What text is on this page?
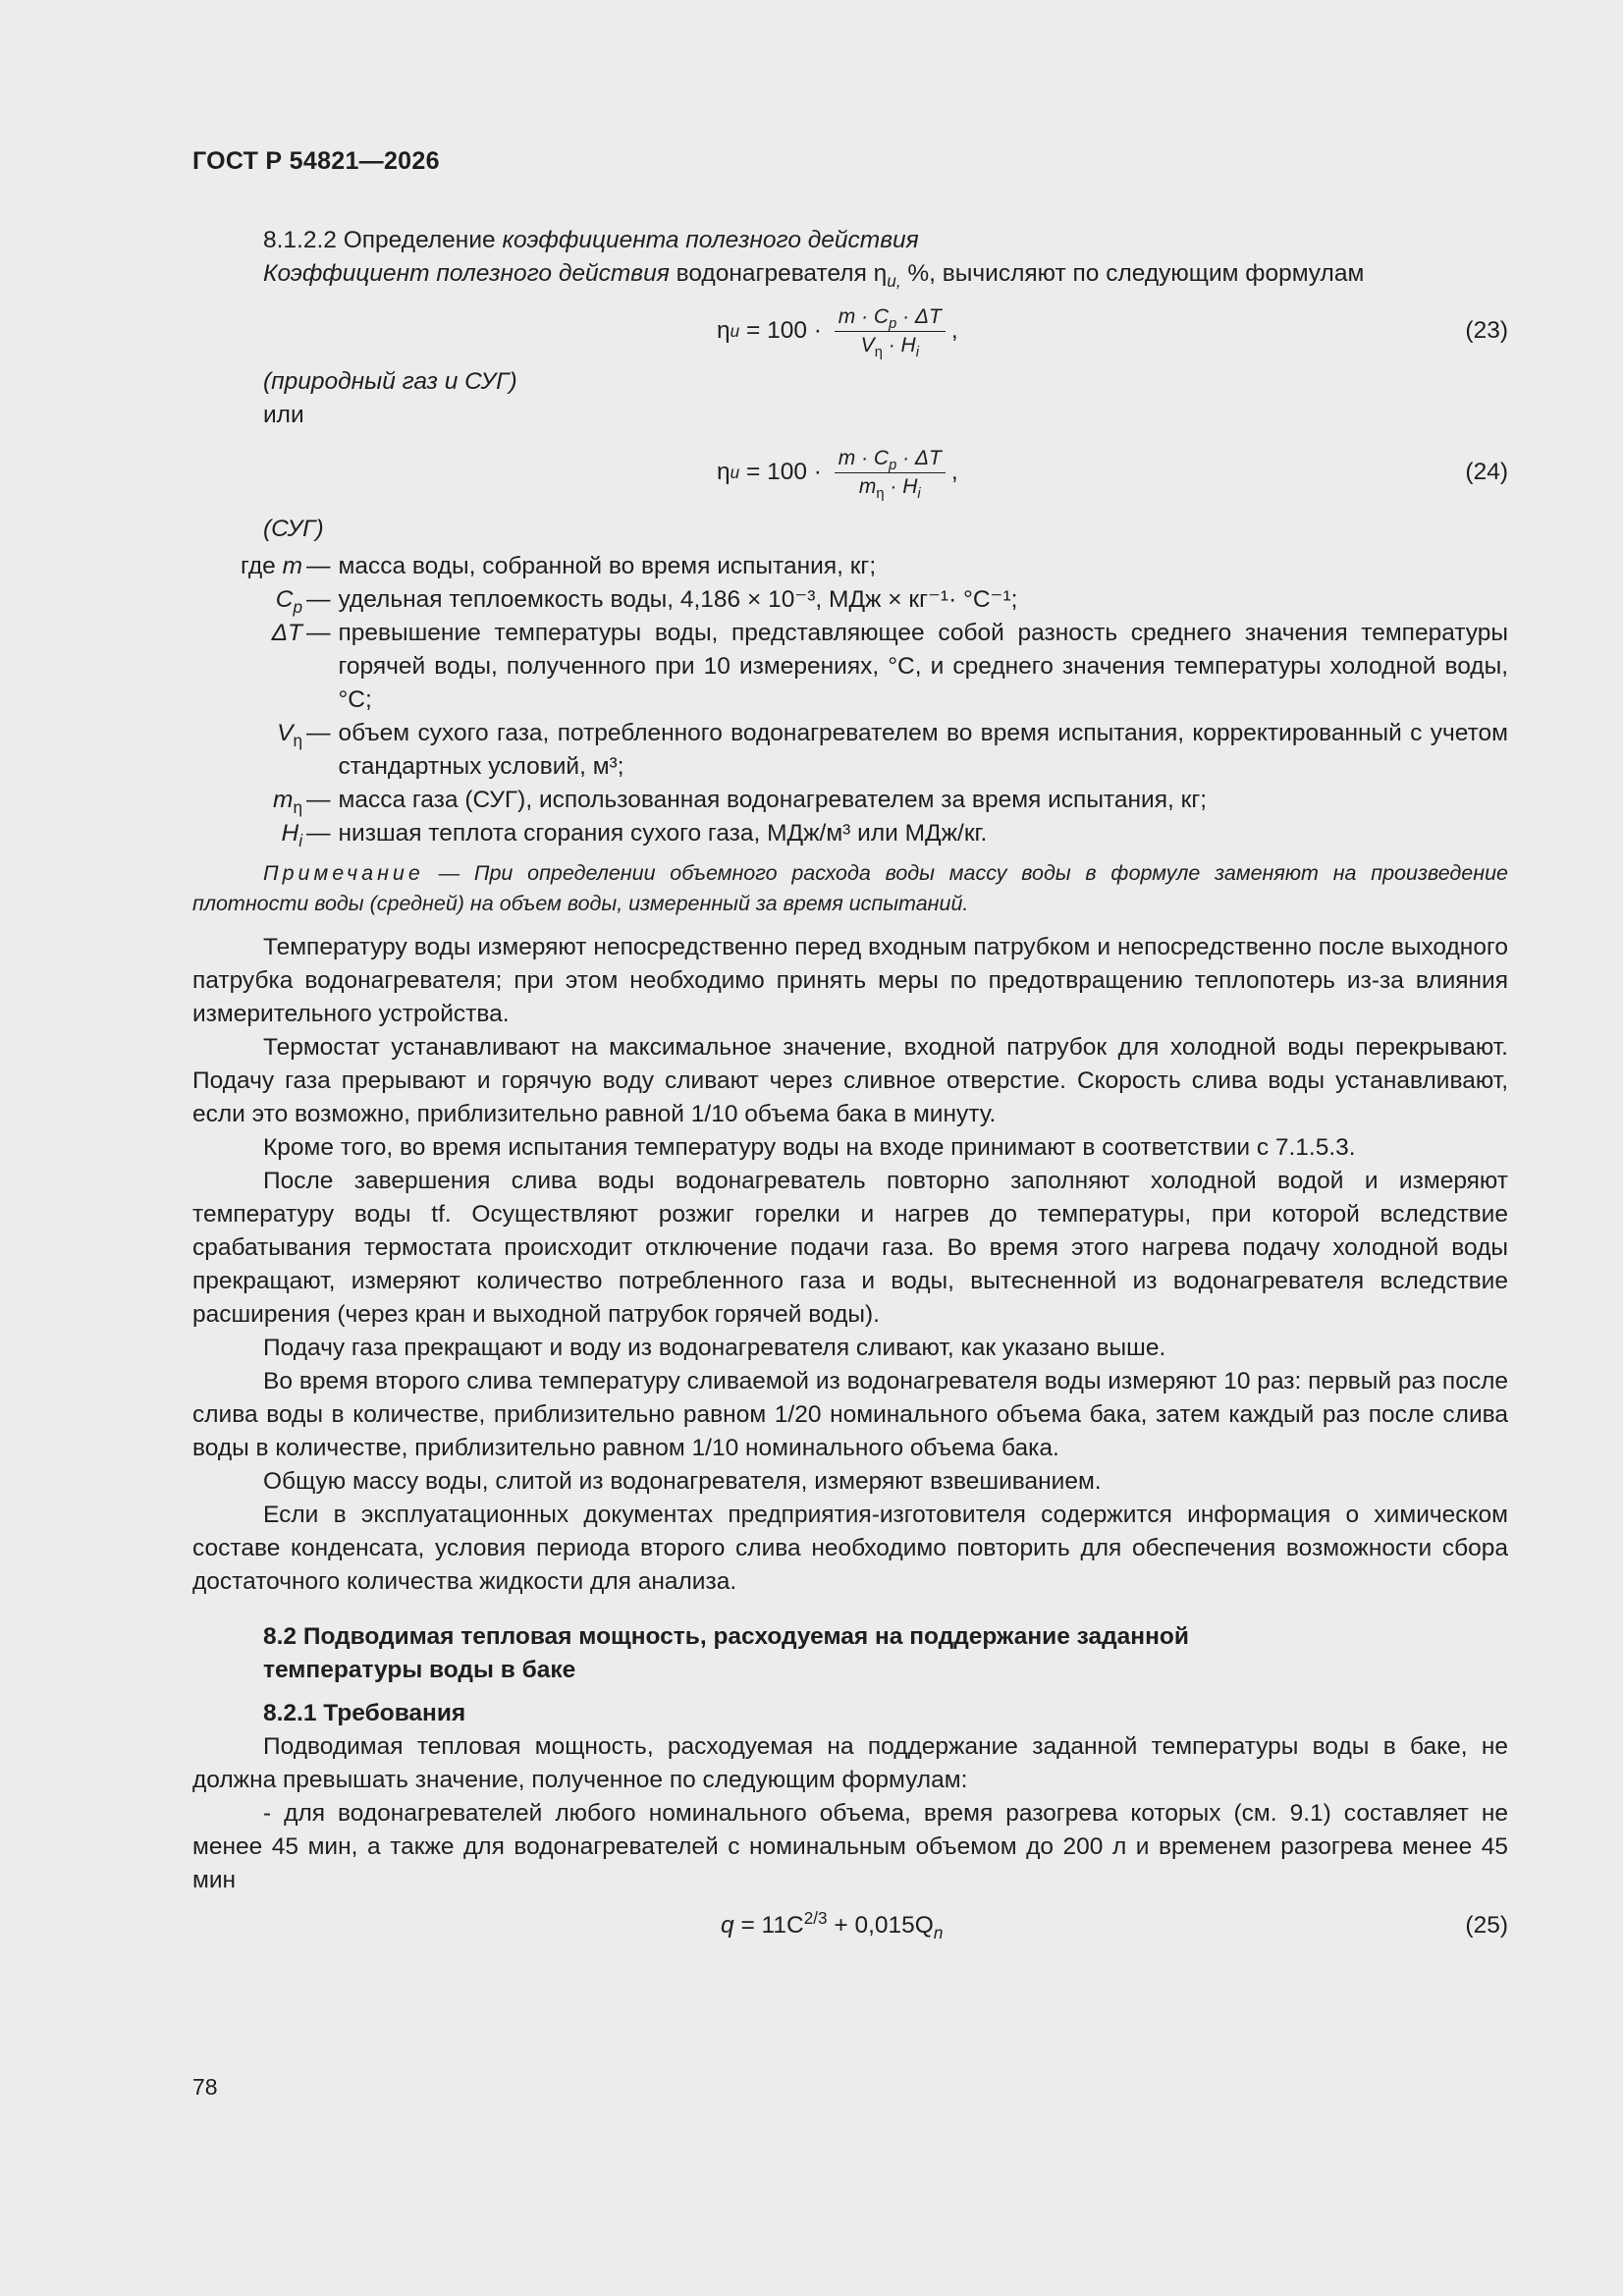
ГОСТ Р 54821—2026

8.1.2.2 Определение коэффициента полезного действия

Коэффициент полезного действия водонагревателя $\eta_{u,}$ %, вычисляют по следующим формулам

η $u = 100 \cdot \frac{m \cdot C_p \cdot \Delta T}{V_\eta \cdot H_i}$ ,	(23)

(природный газ и СУГ)

или

η $u = 100 \cdot \frac{m \cdot C_p \cdot \Delta T}{m_\eta \cdot H_i}$ ,	(24)

(СУГ)

где m — масса воды, собранной во время испытания, кг;
$C_p$ — удельная теплоемкость воды, 4,186 × 10⁻³, МДж × кг⁻¹· °С⁻¹;
ΔT — превышение температуры воды, представляющее собой разность среднего значения температуры горячей воды, полученного при 10 измерениях, °С, и среднего значения температуры холодной воды, °С;
$V_\eta$ — объем сухого газа, потребленного водонагревателем во время испытания, корректированный с учетом стандартных условий, м³;
$m_\eta$ — масса газа (СУГ), использованная водонагревателем за время испытания, кг;
$H_i$ — низшая теплота сгорания сухого газа, МДж/м³ или МДж/кг.

Примечание — При определении объемного расхода воды массу воды в формуле заменяют на произведение плотности воды (средней) на объем воды, измеренный за время испытаний.

Температуру воды измеряют непосредственно перед входным патрубком и непосредственно после выходного патрубка водонагревателя; при этом необходимо принять меры по предотвращению теплопотерь из-за влияния измерительного устройства.

Термостат устанавливают на максимальное значение, входной патрубок для холодной воды перекрывают. Подачу газа прерывают и горячую воду сливают через сливное отверстие. Скорость слива воды устанавливают, если это возможно, приблизительно равной 1/10 объема бака в минуту.

Кроме того, во время испытания температуру воды на входе принимают в соответствии с 7.1.5.3.

После завершения слива воды водонагреватель повторно заполняют холодной водой и измеряют температуру воды tf. Осуществляют розжиг горелки и нагрев до температуры, при которой вследствие срабатывания термостата происходит отключение подачи газа. Во время этого нагрева подачу холодной воды прекращают, измеряют количество потребленного газа и воды, вытесненной из водонагревателя вследствие расширения (через кран и выходной патрубок горячей воды).

Подачу газа прекращают и воду из водонагревателя сливают, как указано выше.

Во время второго слива температуру сливаемой из водонагревателя воды измеряют 10 раз: первый раз после слива воды в количестве, приблизительно равном 1/20 номинального объема бака, затем каждый раз после слива воды в количестве, приблизительно равном 1/10 номинального объема бака.

Общую массу воды, слитой из водонагревателя, измеряют взвешиванием.

Если в эксплуатационных документах предприятия-изготовителя содержится информация о химическом составе конденсата, условия периода второго слива необходимо повторить для обеспечения возможности сбора достаточного количества жидкости для анализа.

8.2 Подводимая тепловая мощность, расходуемая на поддержание заданной
температуры воды в баке
8.2.1 Требования

Подводимая тепловая мощность, расходуемая на поддержание заданной температуры воды в баке, не должна превышать значение, полученное по следующим формулам:

- для водонагревателей любого номинального объема, время разогрева которых (см. 9.1) составляет не менее 45 мин, а также для водонагревателей с номинальным объемом до 200 л и временем разогрева менее 45 мин

$q = 11C^{2/3} + 0,015Q_n$	(25)
78
